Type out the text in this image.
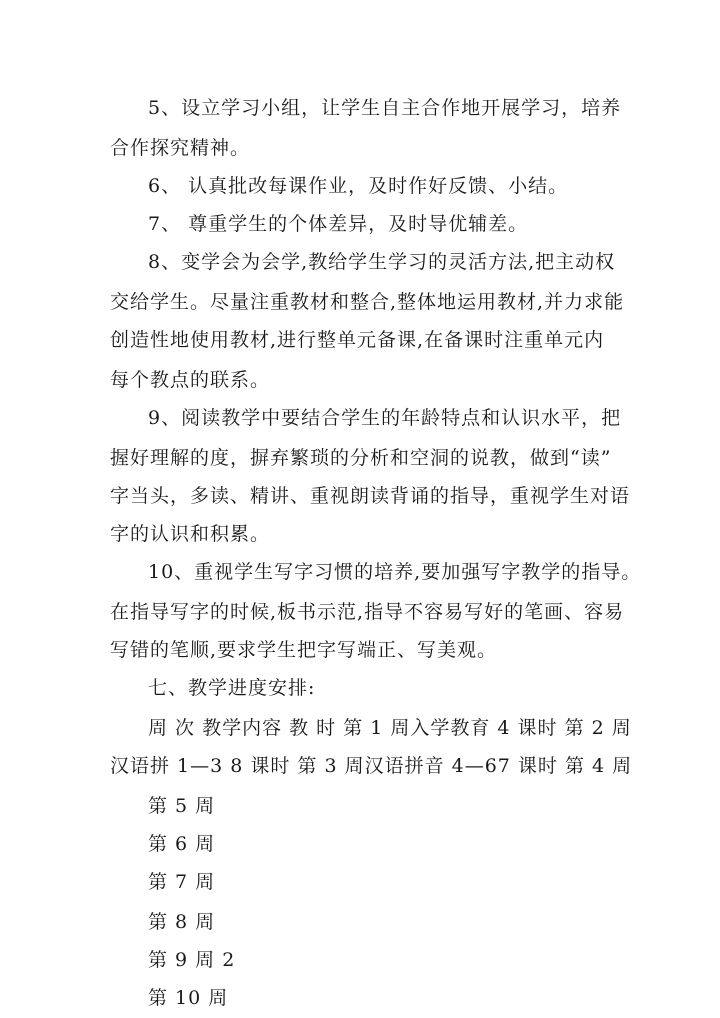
5、设立学习小组，让学生自主合作地开展学习，培养
合作探究精神。
6、 认真批改每课作业，及时作好反馈、小结。
7、 尊重学生的个体差异，及时导优辅差。
8、变学会为会学,教给学生学习的灵活方法,把主动权
交给学生。尽量注重教材和整合,整体地运用教材,并力求能
创造性地使用教材,进行整单元备课,在备课时注重单元内
每个教点的联系。
9、阅读教学中要结合学生的年龄特点和认识水平，把
握好理解的度，摒弃繁琐的分析和空洞的说教，做到“读”
字当头，多读、精讲、重视朗读背诵的指导，重视学生对语
字的认识和积累。
10、重视学生写字习惯的培养,要加强写字教学的指导。
在指导写字的时候,板书示范,指导不容易写好的笔画、容易
写错的笔顺,要求学生把字写端正、写美观。
七、教学进度安排:
周 次 教学内容 教 时 第 1 周入学教育 4 课时 第 2 周
汉语拼 1—3 8 课时 第 3 周汉语拼音 4—67 课时 第 4 周
第 5 周
第 6 周
第 7 周
第 8 周
第 9 周 2
第 10 周
